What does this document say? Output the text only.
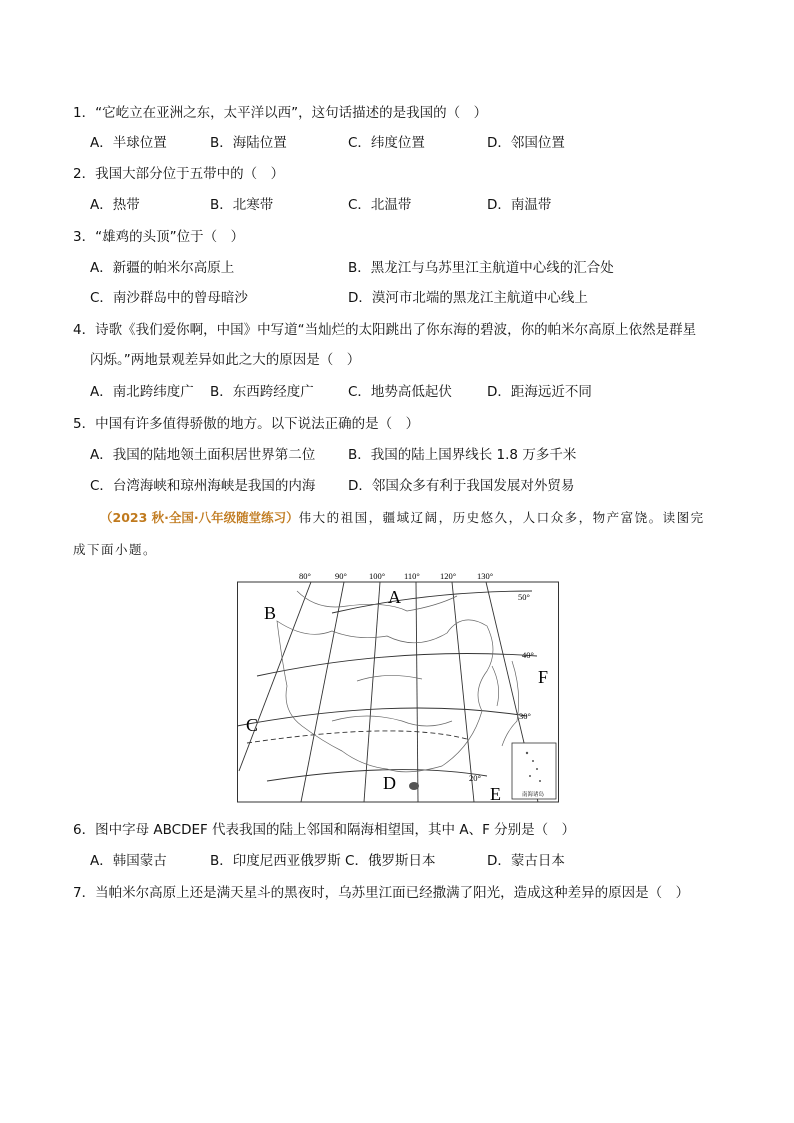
1．“它屹立在亚洲之东，太平洋以西”，这句话描述的是我国的（　）
A．半球位置	B．海陆位置	C．纬度位置	D．邻国位置
2．我国大部分位于五带中的（　）
A．热带	B．北寒带	C．北温带	D．南温带
3．“雄鸡的头顶”位于（　）
A．新疆的帕米尔高原上	B．黑龙江与乌苏里江主航道中心线的汇合处
C．南沙群岛中的曾母暗沙	D．漠河市北端的黑龙江主航道中心线上
4．诗歌《我们爱你啊，中国》中写道“当灿烂的太阳跳出了你东海的碧波，你的帕米尔高原上依然是群星
闪烁。”两地景观差异如此之大的原因是（　）
A．南北跨纬度广 B．东西跨经度广	C．地势高低起伏	D．距海远近不同
5．中国有许多值得骄傲的地方。以下说法正确的是（　）
A．我国的陆地领土面积居世界第二位 B．我国的陆上国界线长 1.8 万多千米
C．台湾海峡和琼州海峡是我国的内海 D．邻国众多有利于我国发展对外贸易
（2023 秋·全国·八年级随堂练习）伟大的祖国，疆域辽阔，历史悠久，人口众多，物产富饶。读图完
成下面小题。
南海诸岛
80°	90°	100° 110° 120° 130°
50°
40°
30°
20°
A
B
C
D
E
F
6．图中字母 ABCDEF 代表我国的陆上邻国和隔海相望国，其中 A、F 分别是（　）
A．韩国蒙古	B．印度尼西亚俄罗斯 C．俄罗斯日本	D．蒙古日本
7．当帕米尔高原上还是满天星斗的黑夜时，乌苏里江面已经撒满了阳光，造成这种差异的原因是（　）
